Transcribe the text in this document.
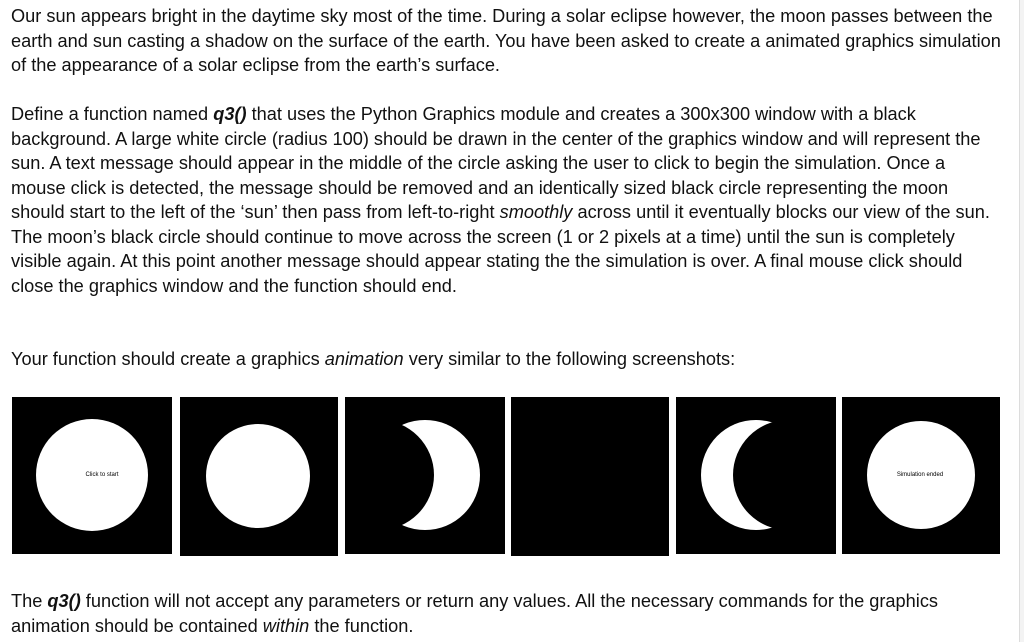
Our sun appears bright in the daytime sky most of the time. During a solar eclipse however, the moon passes between the earth and sun casting a shadow on the surface of the earth. You have been asked to create a animated graphics simulation of the appearance of a solar eclipse from the earth’s surface.

Define a function named q3() that uses the Python Graphics module and creates a 300x300 window with a black background. A large white circle (radius 100) should be drawn in the center of the graphics window and will represent the sun. A text message should appear in the middle of the circle asking the user to click to begin the simulation. Once a mouse click is detected, the message should be removed and an identically sized black circle representing the moon should start to the left of the ‘sun’ then pass from left-to-right smoothly across until it eventually blocks our view of the sun. The moon’s black circle should continue to move across the screen (1 or 2 pixels at a time) until the sun is completely visible again. At this point another message should appear stating the the simulation is over. A final mouse click should close the graphics window and the function should end.

Your function should create a graphics animation very similar to the following screenshots:

Click to start	Simulation ended

The q3() function will not accept any parameters or return any values. All the necessary commands for the graphics animation should be contained within the function.
